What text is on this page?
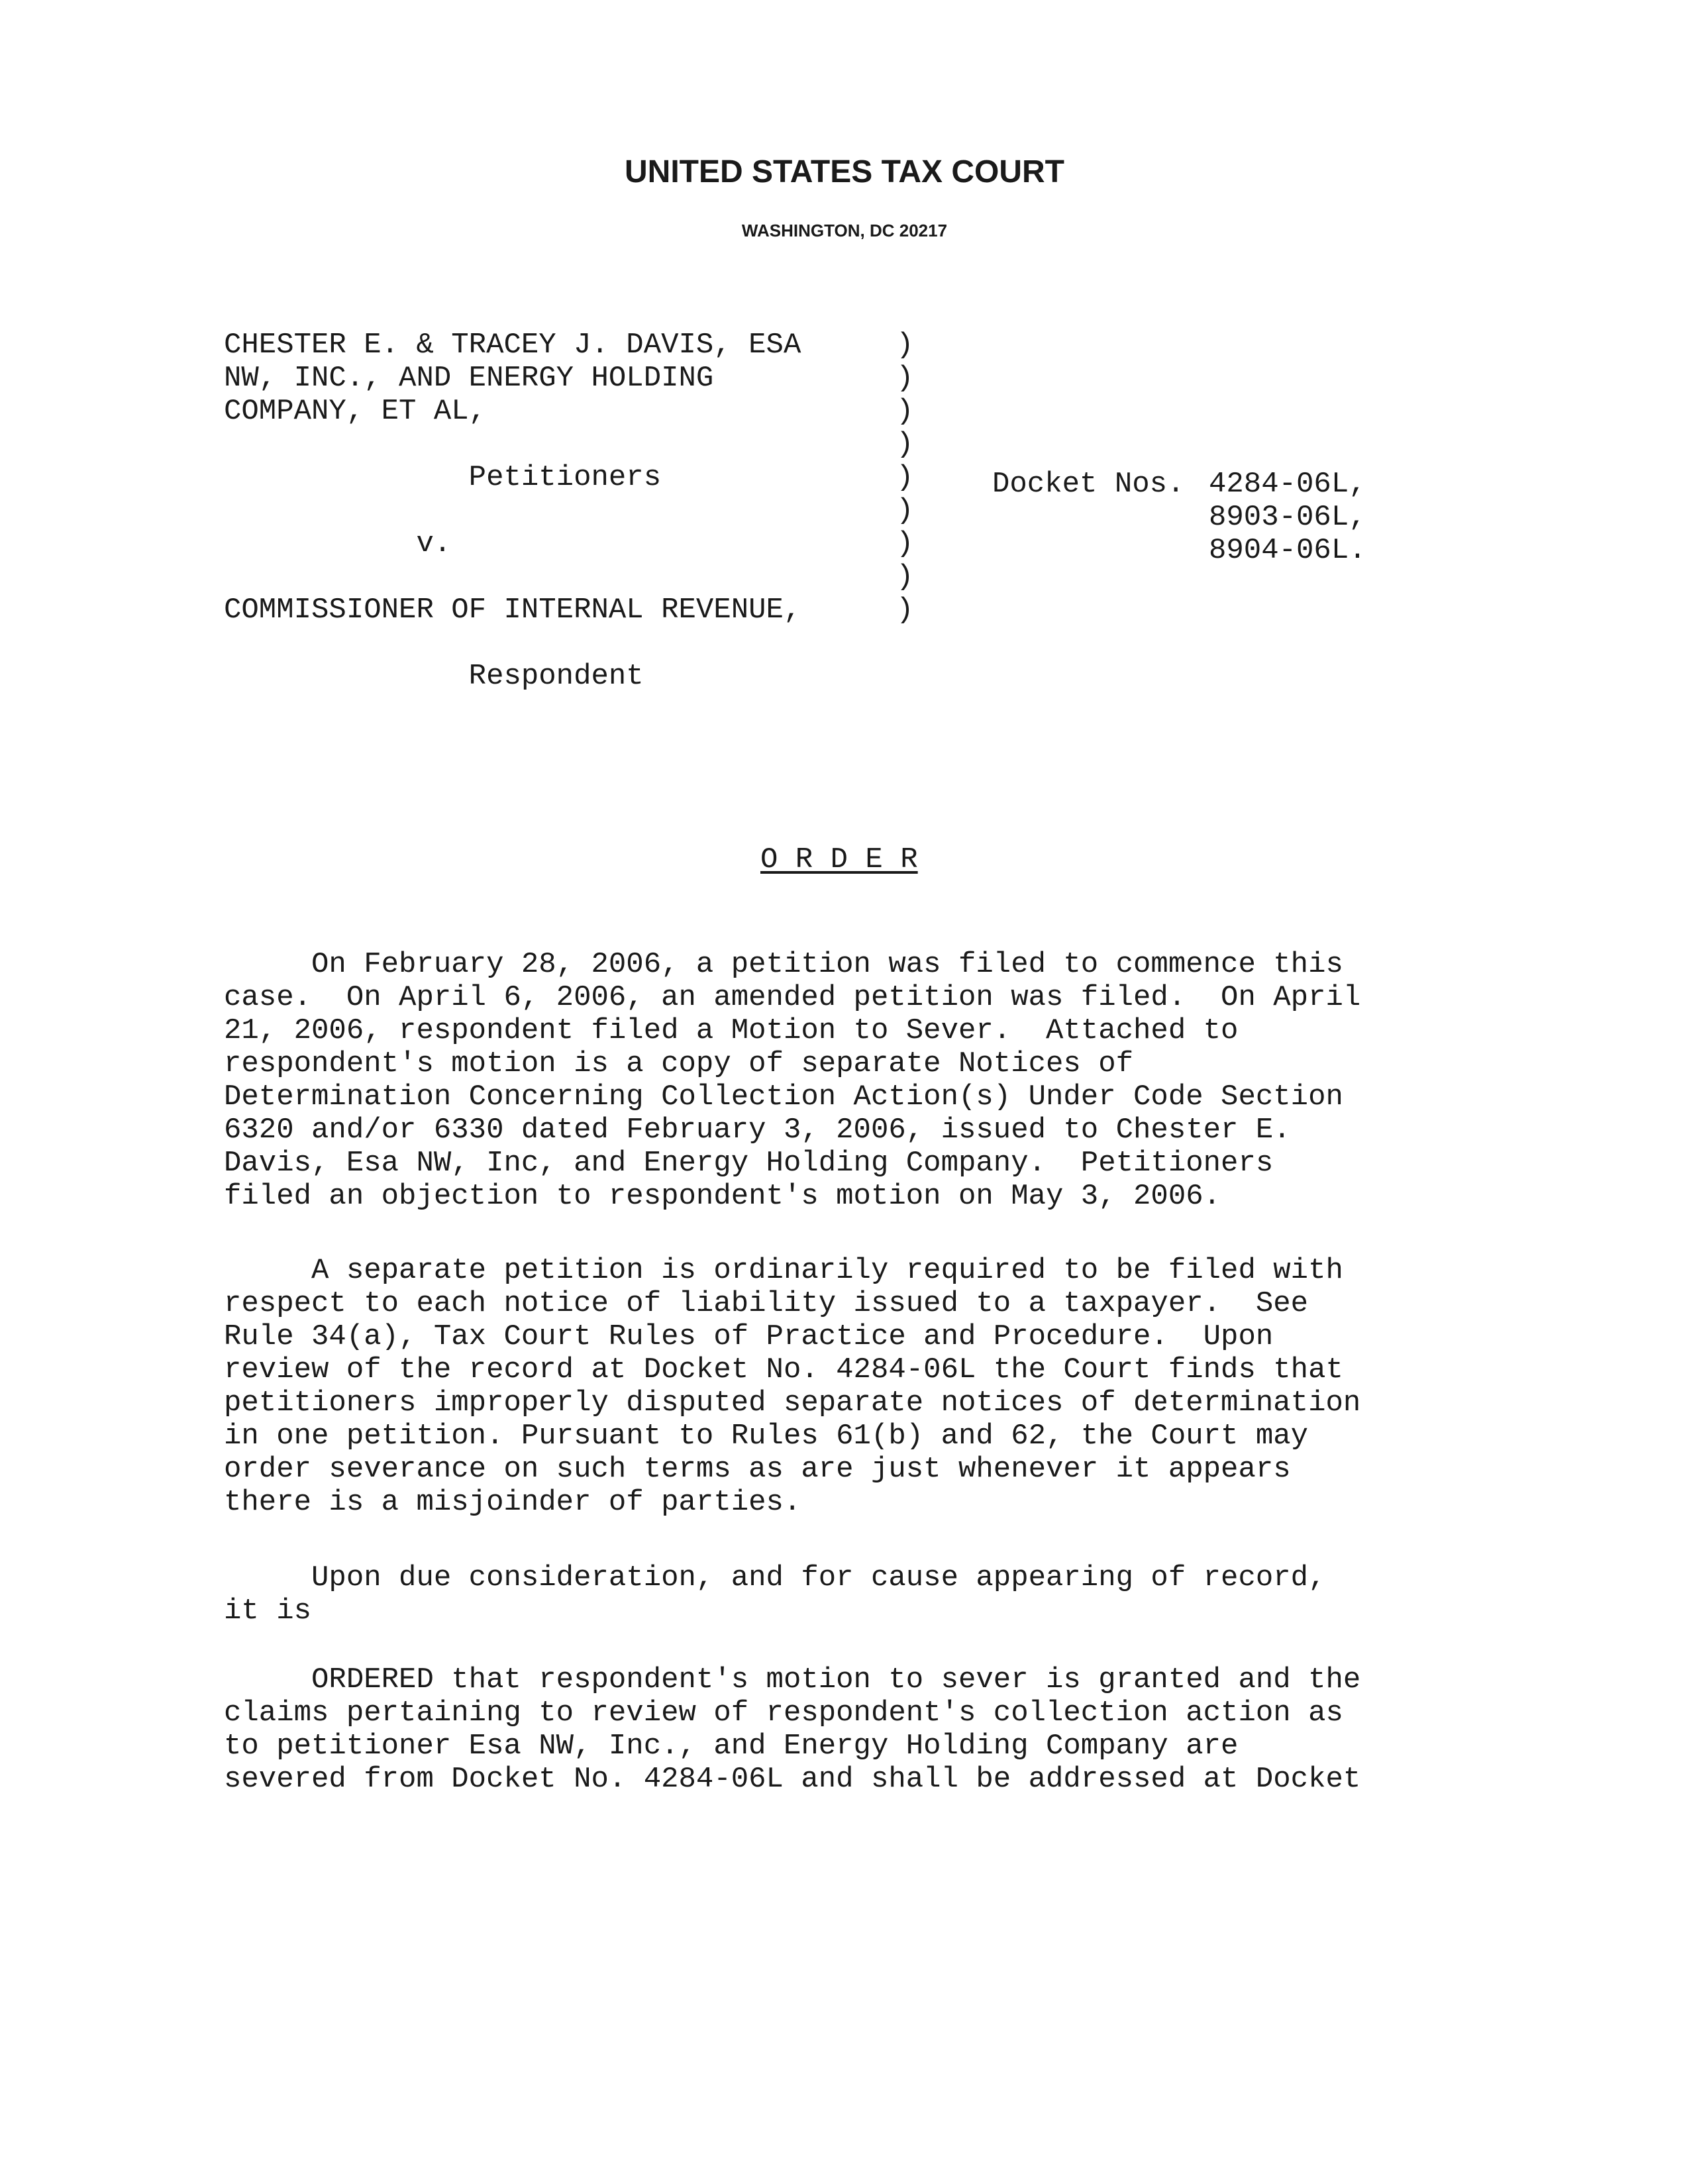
UNITED STATES TAX COURT
WASHINGTON, DC 20217
CHESTER E. & TRACEY J. DAVIS, ESA
NW, INC., AND ENERGY HOLDING
COMPANY, ET AL,

Petitioners

v.

COMMISSIONER OF INTERNAL REVENUE,

Respondent
)
)
)
)
)
)
)
)
)
Docket Nos. 4284-06L,
8903-06L,
8904-06L.
O R D E R
On February 28, 2006, a petition was filed to commence this
case.  On April 6, 2006, an amended petition was filed.  On April
21, 2006, respondent filed a Motion to Sever.  Attached to
respondent's motion is a copy of separate Notices of
Determination Concerning Collection Action(s) Under Code Section
6320 and/or 6330 dated February 3, 2006, issued to Chester E.
Davis, Esa NW, Inc, and Energy Holding Company.  Petitioners
filed an objection to respondent's motion on May 3, 2006.
A separate petition is ordinarily required to be filed with
respect to each notice of liability issued to a taxpayer.  See
Rule 34(a), Tax Court Rules of Practice and Procedure.  Upon
review of the record at Docket No. 4284-06L the Court finds that
petitioners improperly disputed separate notices of determination
in one petition. Pursuant to Rules 61(b) and 62, the Court may
order severance on such terms as are just whenever it appears
there is a misjoinder of parties.
Upon due consideration, and for cause appearing of record,
it is
ORDERED that respondent's motion to sever is granted and the
claims pertaining to review of respondent's collection action as
to petitioner Esa NW, Inc., and Energy Holding Company are
severed from Docket No. 4284-06L and shall be addressed at Docket
